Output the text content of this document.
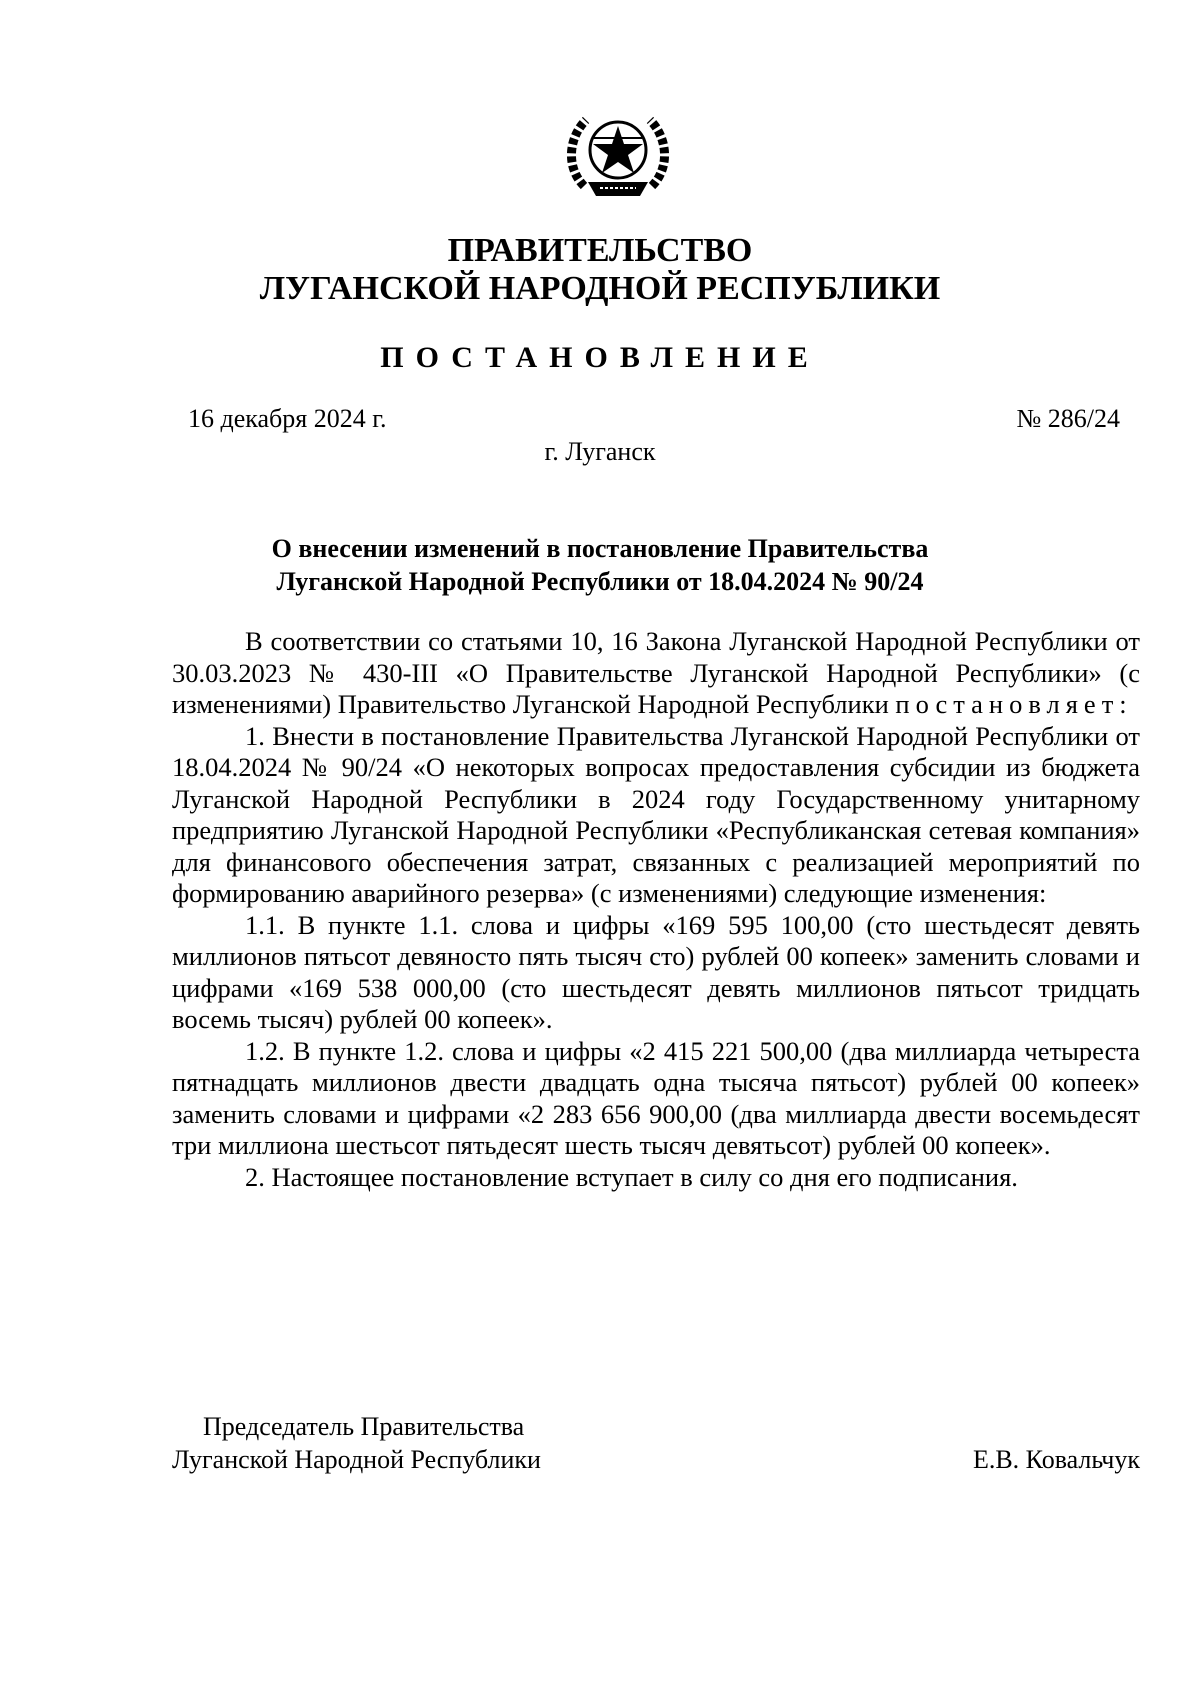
ПРАВИТЕЛЬСТВО
ЛУГАНСКОЙ НАРОДНОЙ РЕСПУБЛИКИ
ПОСТАНОВЛЕНИЕ
16 декабря 2024 г.	№ 286/24
г. Луганск
О внесении изменений в постановление Правительства
Луганской Народной Республики от 18.04.2024 № 90/24

В соответствии со статьями 10, 16 Закона Луганской Народной Республики от 30.03.2023 № 430-III «О Правительстве Луганской Народной Республики» (с изменениями) Правительство Луганской Народной Республики постановляет:

1. Внести в постановление Правительства Луганской Народной Республики от 18.04.2024 № 90/24 «О некоторых вопросах предоставления субсидии из бюджета Луганской Народной Республики в 2024 году Государственному унитарному предприятию Луганской Народной Республики «Республиканская сетевая компания» для финансового обеспечения затрат, связанных с реализацией мероприятий по формированию аварийного резерва» (с изменениями) следующие изменения:

1.1. В пункте 1.1. слова и цифры «169 595 100,00 (сто шестьдесят девять миллионов пятьсот девяносто пять тысяч сто) рублей 00 копеек» заменить словами и цифрами «169 538 000,00 (сто шестьдесят девять миллионов пятьсот тридцать восемь тысяч) рублей 00 копеек».

1.2. В пункте 1.2. слова и цифры «2 415 221 500,00 (два миллиарда четыреста пятнадцать миллионов двести двадцать одна тысяча пятьсот) рублей 00 копеек» заменить словами и цифрами «2 283 656 900,00 (два миллиарда двести восемьдесят три миллиона шестьсот пятьдесят шесть тысяч девятьсот) рублей 00 копеек».

2. Настоящее постановление вступает в силу со дня его подписания.

Председатель Правительства
Луганской Народной Республики	Е.В. Ковальчук
